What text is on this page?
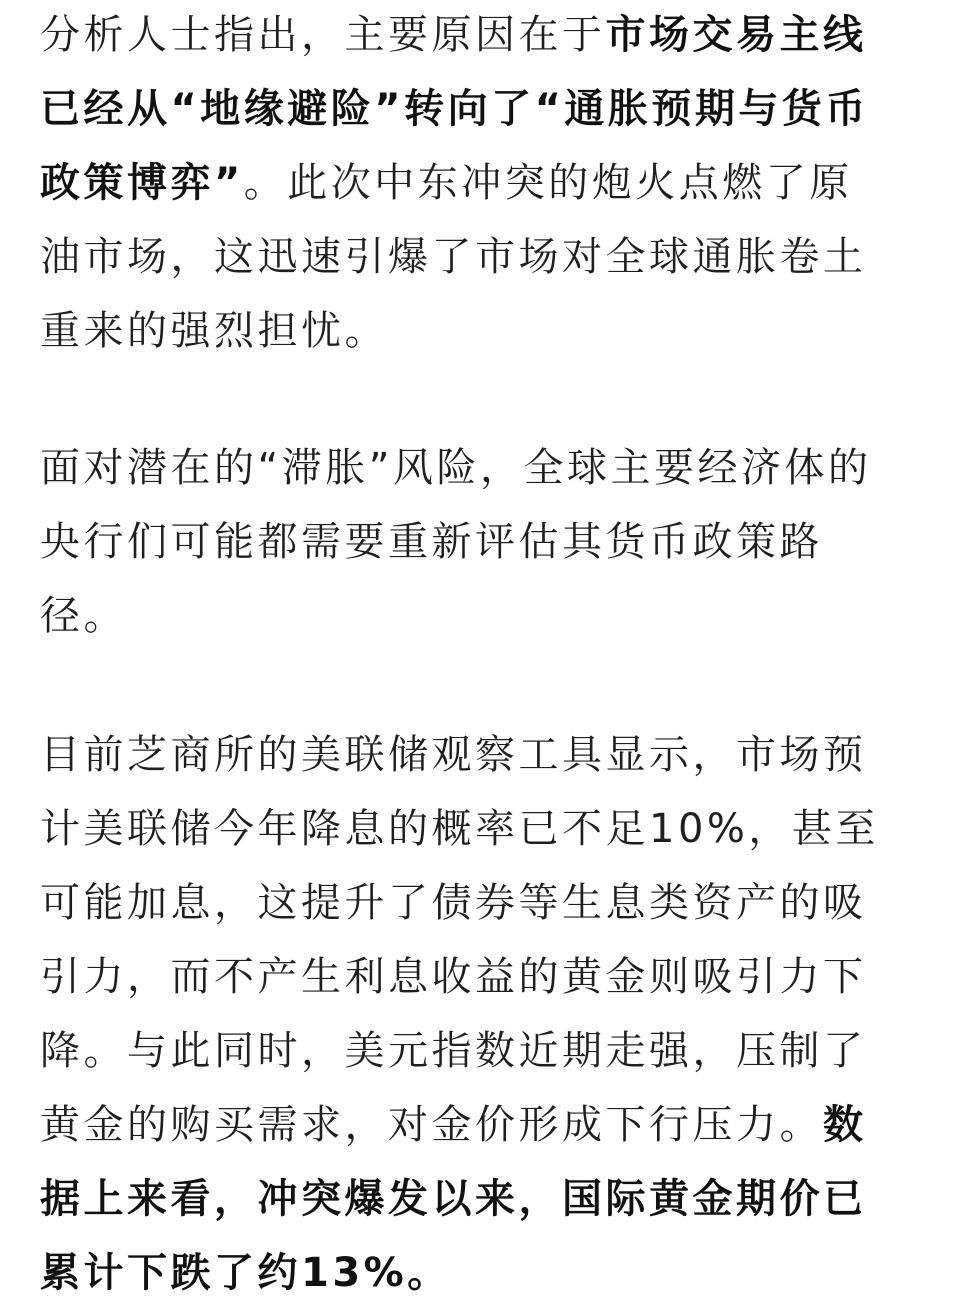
分析人士指出，主要原因在于市场交易主线
已经从“地缘避险”转向了“通胀预期与货币
政策博弈”。此次中东冲突的炮火点燃了原
油市场，这迅速引爆了市场对全球通胀卷土
重来的强烈担忧。
面对潜在的“滞胀”风险，全球主要经济体的
央行们可能都需要重新评估其货币政策路
径。
目前芝商所的美联储观察工具显示，市场预
计美联储今年降息的概率已不足10%，甚至
可能加息，这提升了债券等生息类资产的吸
引力，而不产生利息收益的黄金则吸引力下
降。与此同时，美元指数近期走强，压制了
黄金的购买需求，对金价形成下行压力。数
据上来看，冲突爆发以来，国际黄金期价已
累计下跌了约13%。
